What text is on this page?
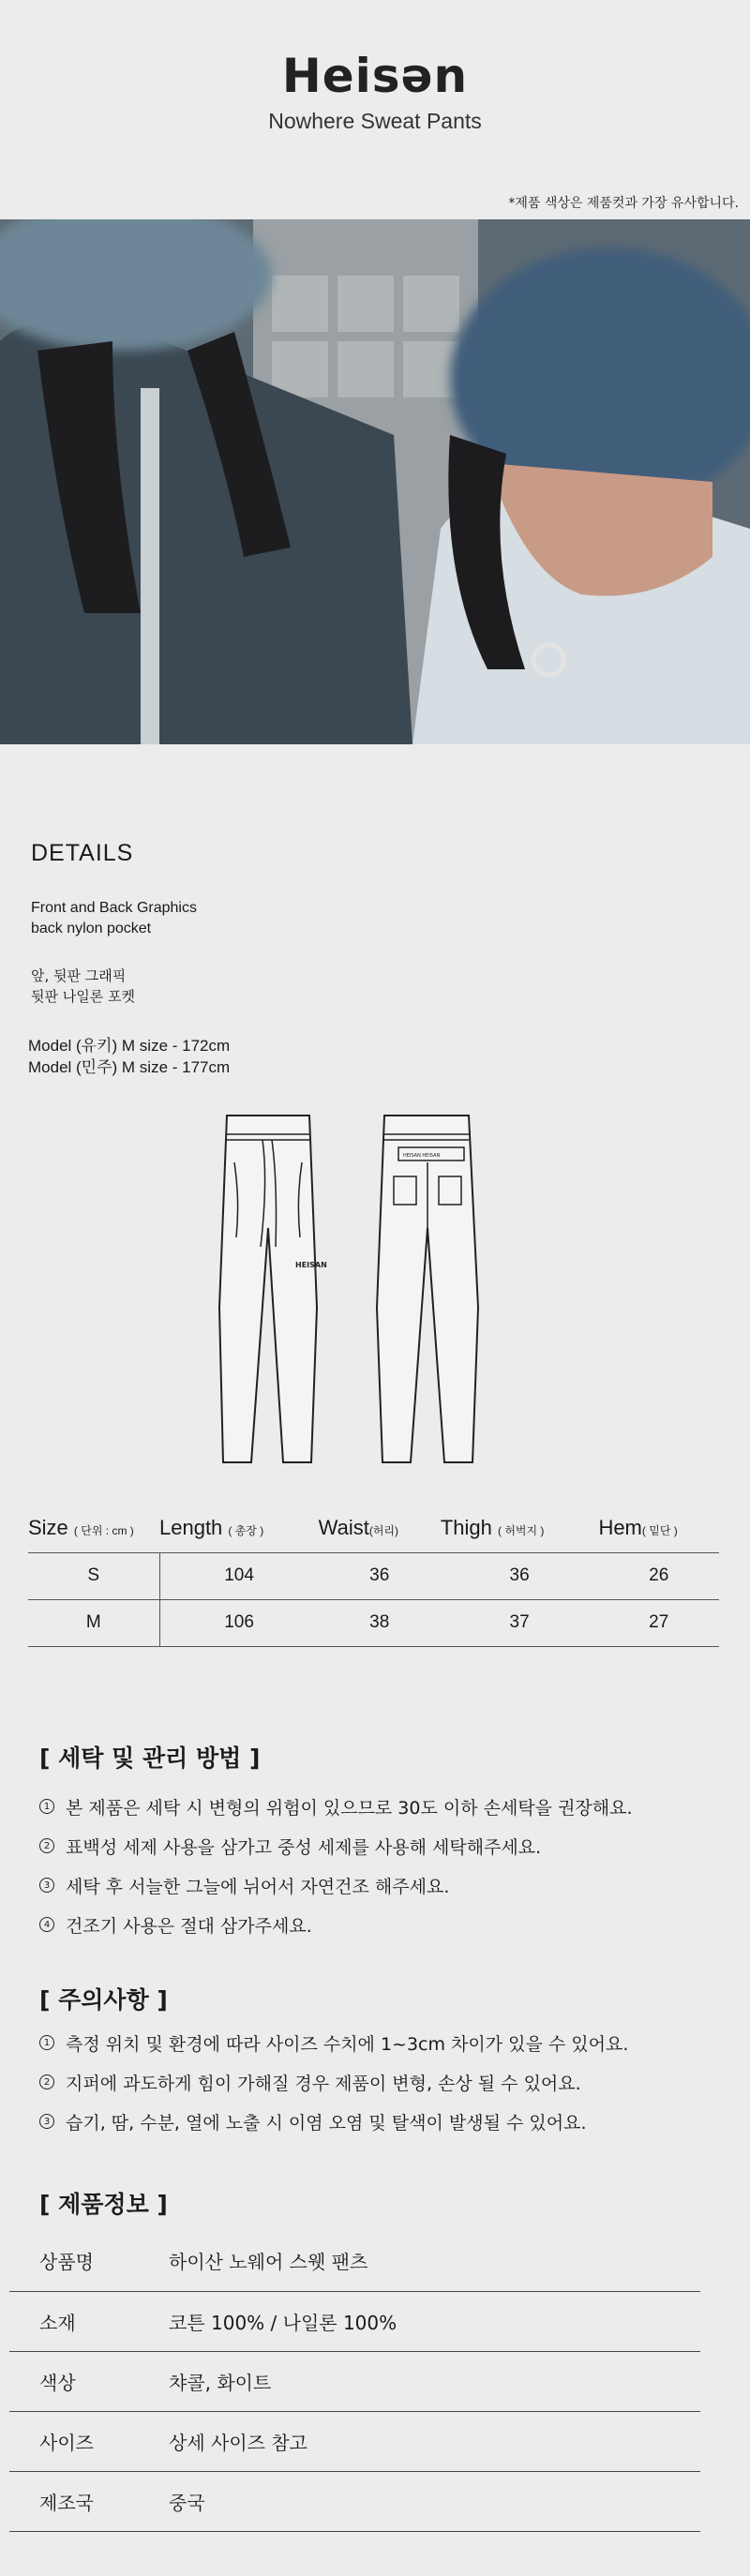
Heisən
Nowhere Sweat Pants
*제품 색상은 제품컷과 가장 유사합니다.
DETAILS
Front and Back Graphics
back nylon pocket
앞, 뒷판 그래픽
뒷판 나일론 포켓
Model (유키) M size - 172cm
Model (민주) M size - 177cm
HEISAN
HEISAN HEISAN
Size ( 단위 : cm )	Length ( 총장 )	Waist(허리)	Thigh ( 허벅지 )	Hem( 밑단 )
S	104	36	36	26
M	106	38	37	27
[ 세탁 및 관리 방법 ]
1 본 제품은 세탁 시 변형의 위험이 있으므로 30도 이하 손세탁을 권장해요.
2 표백성 세제 사용을 삼가고 중성 세제를 사용해 세탁해주세요.
3 세탁 후 서늘한 그늘에 뉘어서 자연건조 해주세요.
4 건조기 사용은 절대 삼가주세요.
[ 주의사항 ]
1 측정 위치 및 환경에 따라 사이즈 수치에 1~3cm 차이가 있을 수 있어요.
2 지퍼에 과도하게 힘이 가해질 경우 제품이 변형, 손상 될 수 있어요.
3 습기, 땀, 수분, 열에 노출 시 이염 오염 및 탈색이 발생될 수 있어요.
[ 제품정보 ]
상품명	하이산 노웨어 스웻 팬츠
소재	코튼 100% / 나일론 100%
색상	챠콜, 화이트
사이즈	상세 사이즈 참고
제조국	중국
